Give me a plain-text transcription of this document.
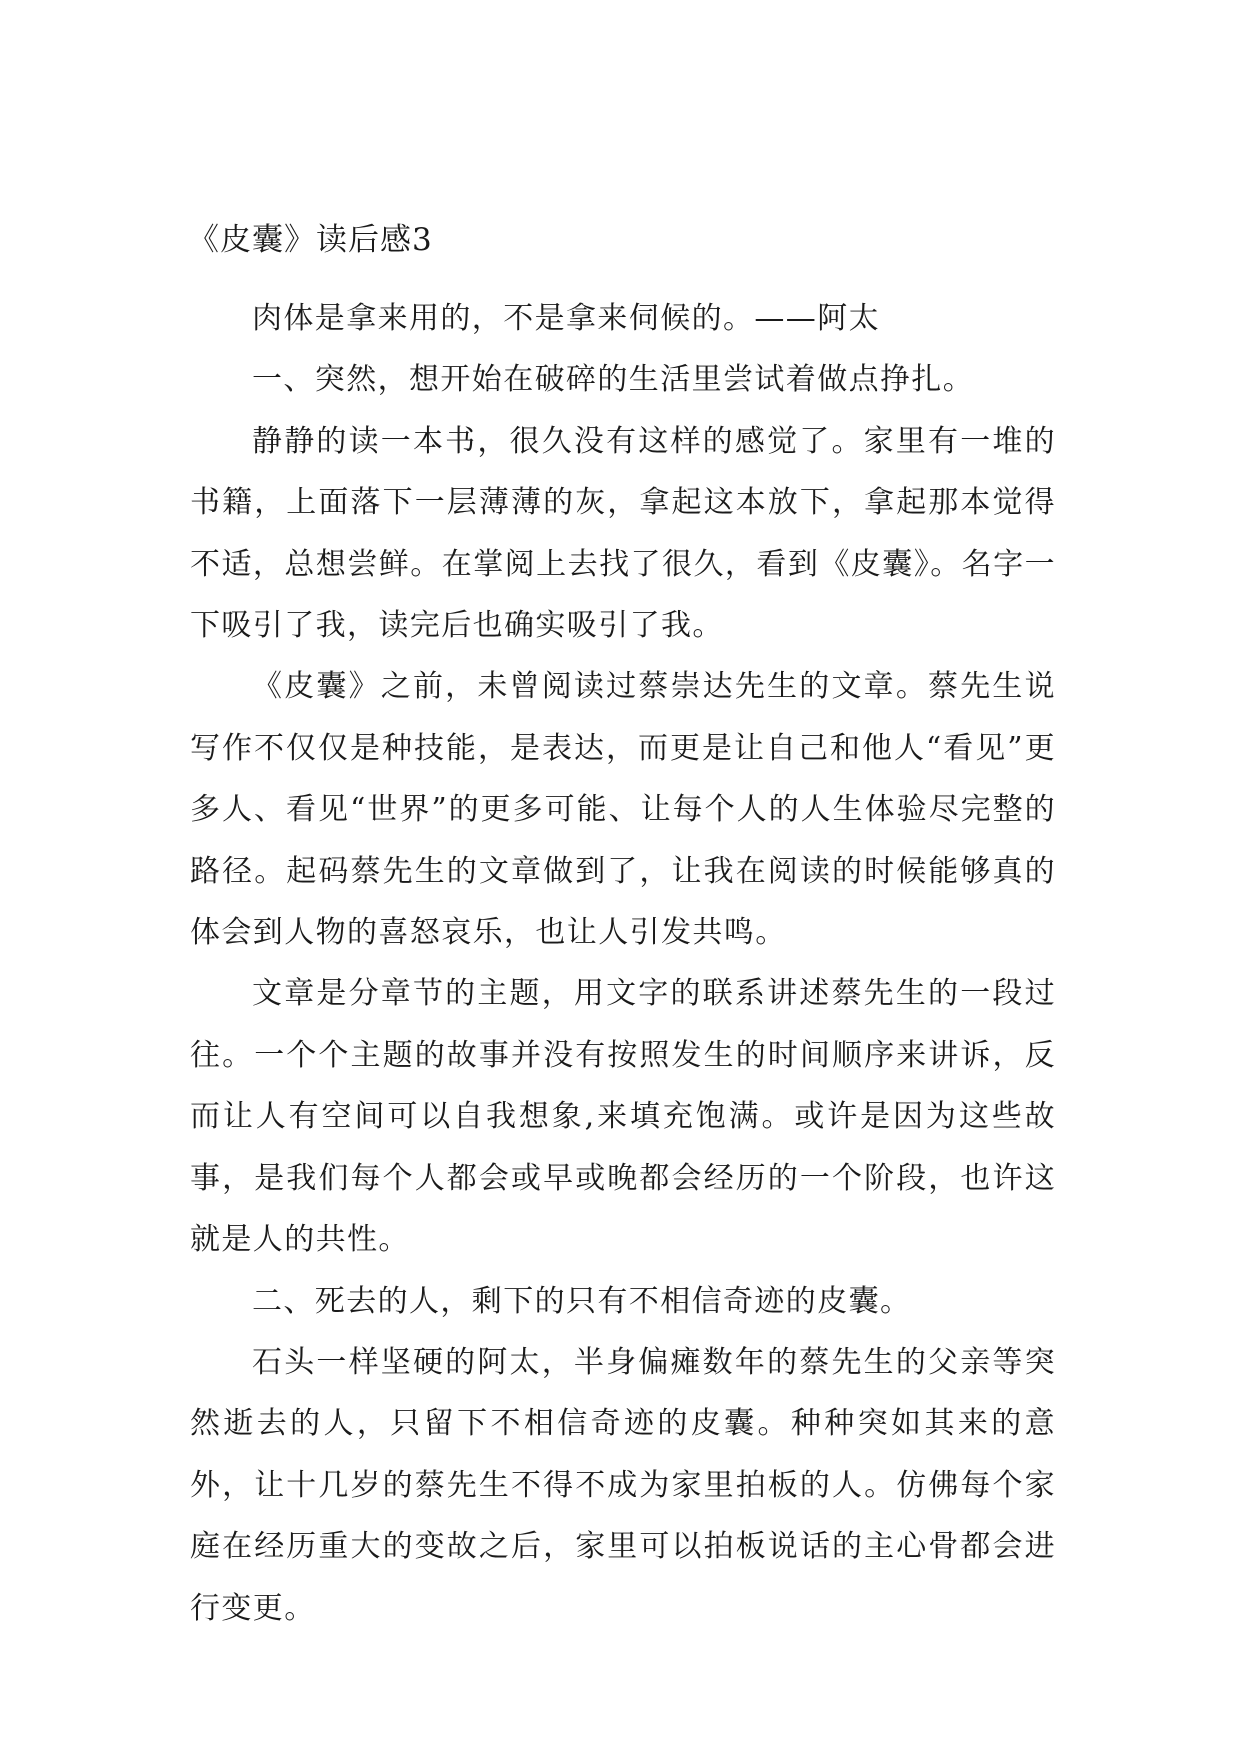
《皮囊》读后感3

肉体是拿来用的，不是拿来伺候的。——阿太

一、突然，想开始在破碎的生活里尝试着做点挣扎。

静静的读一本书，很久没有这样的感觉了。家里有一堆的书籍，上面落下一层薄薄的灰，拿起这本放下，拿起那本觉得不适，总想尝鲜。在掌阅上去找了很久，看到《皮囊》。名字一下吸引了我，读完后也确实吸引了我。

《皮囊》之前，未曾阅读过蔡崇达先生的文章。蔡先生说写作不仅仅是种技能，是表达，而更是让自己和他人“看见”更多人、看见“世界”的更多可能、让每个人的人生体验尽完整的路径。起码蔡先生的文章做到了，让我在阅读的时候能够真的体会到人物的喜怒哀乐，也让人引发共鸣。

文章是分章节的主题，用文字的联系讲述蔡先生的一段过往。一个个主题的故事并没有按照发生的时间顺序来讲诉，反而让人有空间可以自我想象,来填充饱满。或许是因为这些故事，是我们每个人都会或早或晚都会经历的一个阶段，也许这就是人的共性。

二、死去的人，剩下的只有不相信奇迹的皮囊。

石头一样坚硬的阿太，半身偏瘫数年的蔡先生的父亲等突然逝去的人，只留下不相信奇迹的皮囊。种种突如其来的意外，让十几岁的蔡先生不得不成为家里拍板的人。仿佛每个家庭在经历重大的变故之后，家里可以拍板说话的主心骨都会进行变更。
